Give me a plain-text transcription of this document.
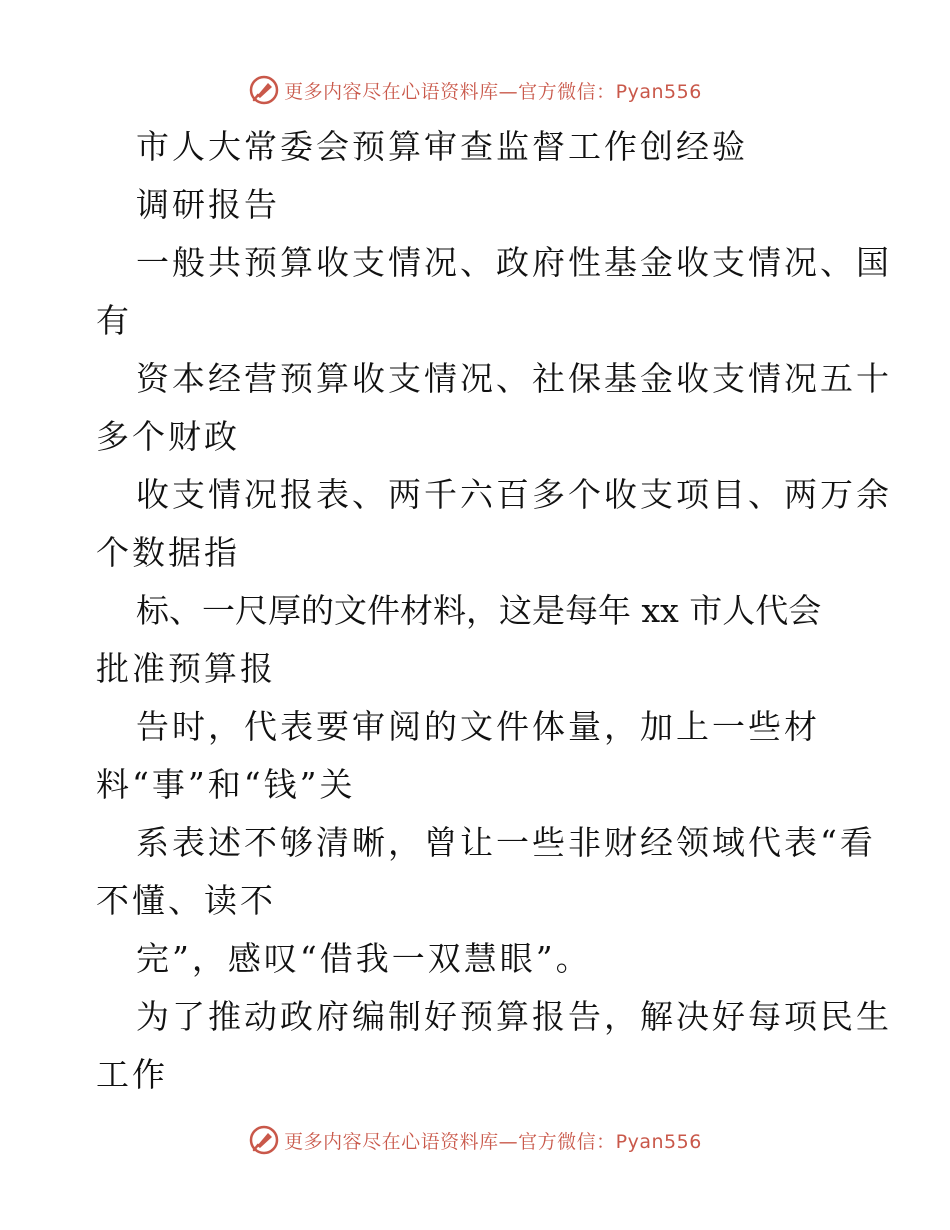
更多内容尽在心语资料库—官方微信：Pyan556
市人大常委会预算审查监督工作创经验
调研报告
一般共预算收支情况、政府性基金收支情况、国
有
资本经营预算收支情况、社保基金收支情况五十
多个财政
收支情况报表、两千六百多个收支项目、两万余
个数据指
标、一尺厚的文件材料，这是每年 xx 市人代会
批准预算报
告时，代表要审阅的文件体量，加上一些材
料“事”和“钱”关
系表述不够清晰，曾让一些非财经领域代表“看
不懂、读不
完”，感叹“借我一双慧眼”。
为了推动政府编制好预算报告，解决好每项民生
工作
更多内容尽在心语资料库—官方微信：Pyan556
